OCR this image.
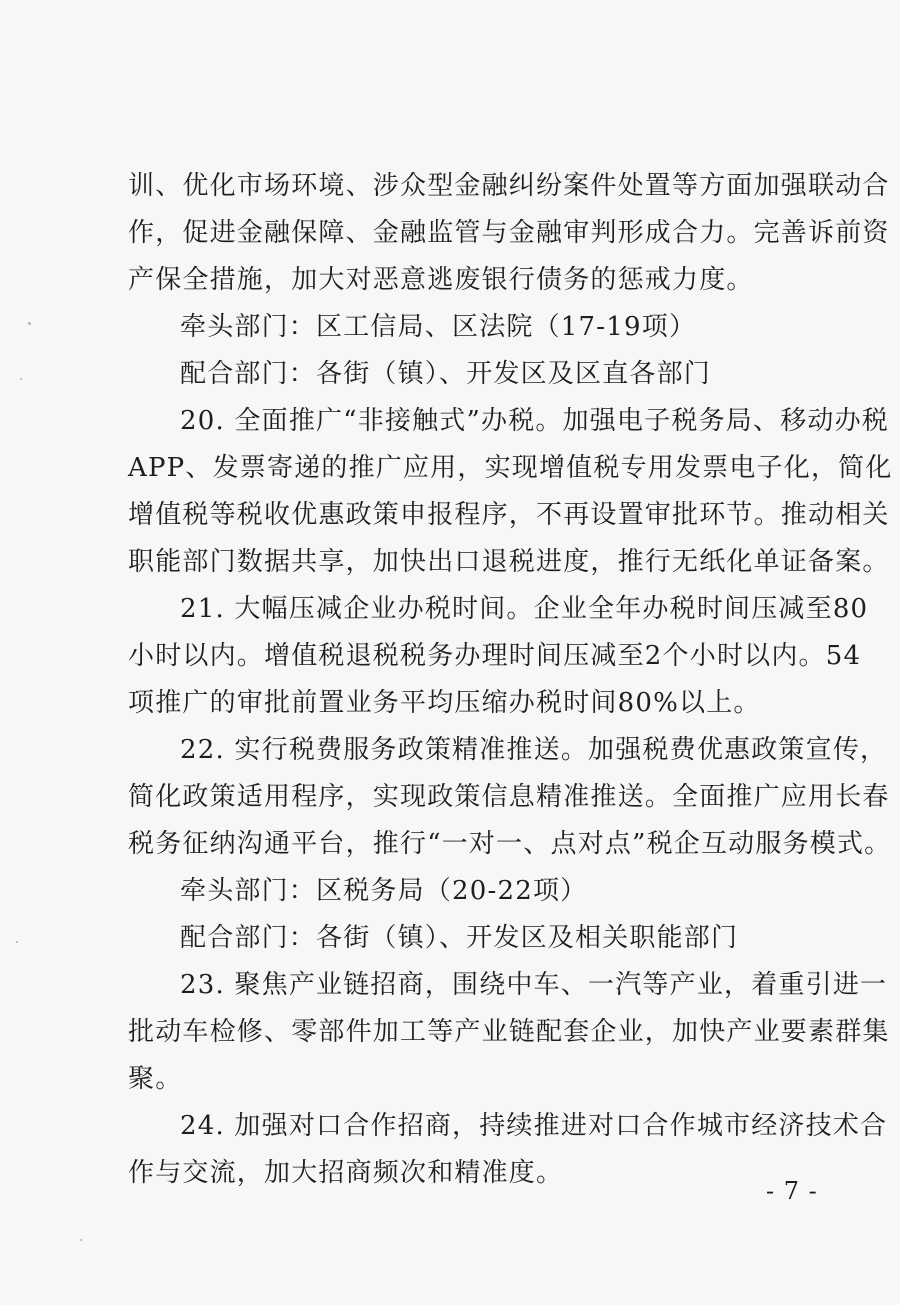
训、优化市场环境、涉众型金融纠纷案件处置等方面加强联动合
作，促进金融保障、金融监管与金融审判形成合力。完善诉前资
产保全措施，加大对恶意逃废银行债务的惩戒力度。
牵头部门：区工信局、区法院（17-19项）
配合部门：各街（镇）、开发区及区直各部门
20. 全面推广“非接触式”办税。加强电子税务局、移动办税
APP、发票寄递的推广应用，实现增值税专用发票电子化，简化
增值税等税收优惠政策申报程序，不再设置审批环节。推动相关
职能部门数据共享，加快出口退税进度，推行无纸化单证备案。
21. 大幅压减企业办税时间。企业全年办税时间压减至80
小时以内。增值税退税税务办理时间压减至2个小时以内。54
项推广的审批前置业务平均压缩办税时间80%以上。
22. 实行税费服务政策精准推送。加强税费优惠政策宣传，
简化政策适用程序，实现政策信息精准推送。全面推广应用长春
税务征纳沟通平台，推行“一对一、点对点”税企互动服务模式。
牵头部门：区税务局（20-22项）
配合部门：各街（镇）、开发区及相关职能部门
23. 聚焦产业链招商，围绕中车、一汽等产业，着重引进一
批动车检修、零部件加工等产业链配套企业，加快产业要素群集
聚。
24. 加强对口合作招商，持续推进对口合作城市经济技术合
作与交流，加大招商频次和精准度。
- 7 -
